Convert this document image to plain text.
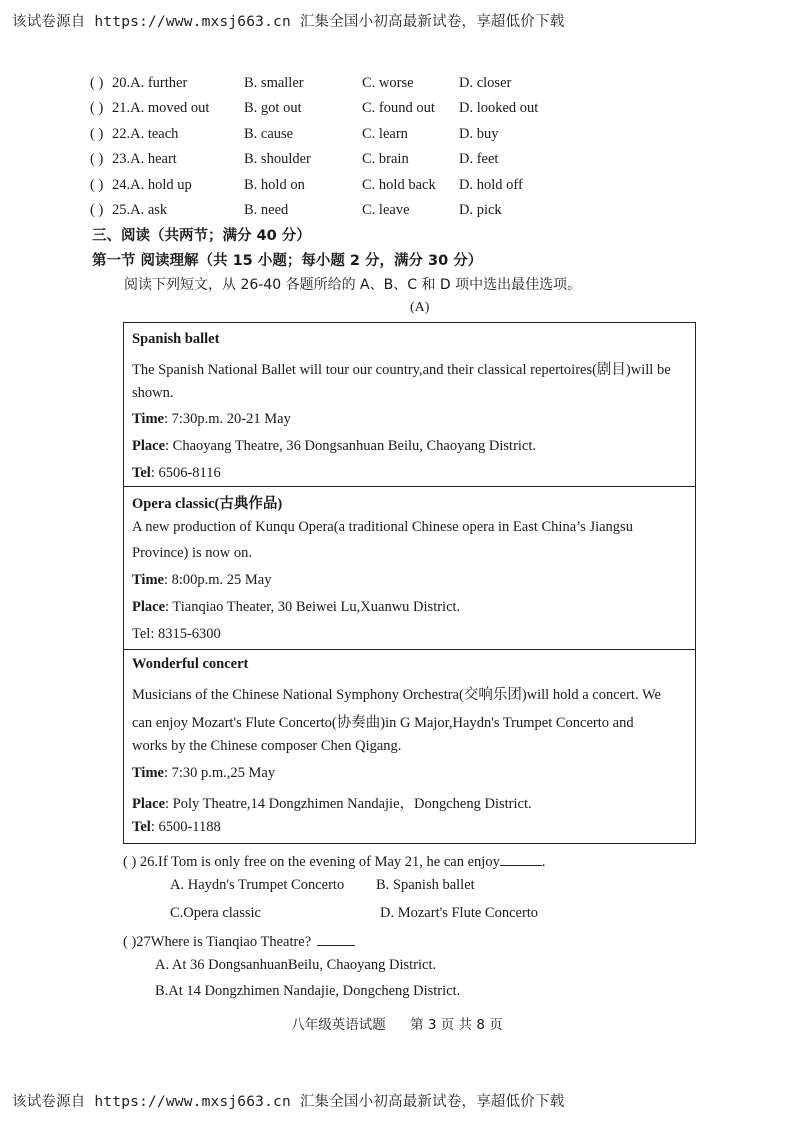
该试卷源自 https://www.mxsj663.cn 汇集全国小初高最新试卷，享超低价下载
( ) 20.A. further	B. smaller	C. worse	D. closer
( ) 21.A. moved out B. got out	C. found out D. looked out
( ) 22.A. teach	B. cause	C. learn	D. buy
( ) 23.A. heart	B. shoulder	C. brain	D. feet
( ) 24.A. hold up	B. hold on	C. hold back D. hold off
( ) 25.A. ask	B. need	C. leave	D. pick
三、阅读（共两节；满分 40 分）
第一节 阅读理解（共 15 小题；每小题 2 分，满分 30 分）
阅读下列短文，从 26-40 各题所给的 A、B、C 和 D 项中选出最佳选项。
(A)
Spanish ballet
The Spanish National Ballet will tour our country,and their classical repertoires(剧目)will be
shown.
Time: 7:30p.m. 20-21 May
Place: Chaoyang Theatre, 36 Dongsanhuan Beilu, Chaoyang District.
Tel: 6506-8116
Opera classic(古典作品)
A new production of Kunqu Opera(a traditional Chinese opera in East China’s Jiangsu
Province) is now on.
Time: 8:00p.m. 25 May
Place: Tianqiao Theater, 30 Beiwei Lu,Xuanwu District.
Tel: 8315-6300
Wonderful concert
Musicians of the Chinese National Symphony Orchestra(交响乐团)will hold a concert. We
can enjoy Mozart's Flute Concerto(协奏曲)in G Major,Haydn's Trumpet Concerto and
works by the Chinese composer Chen Qigang.
Time: 7:30 p.m.,25 May
Place: Poly Theatre,14 Dongzhimen Nandajie，Dongcheng District.
Tel: 6500-1188
( ) 26.If Tom is only free on the evening of May 21, he can enjoy	.
A. Haydn's Trumpet Concerto B. Spanish ballet
C.Opera classic	D. Mozart's Flute Concerto
( )27Where is Tianqiao Theatre?
A. At 36 DongsanhuanBeilu, Chaoyang District.
B.At 14 Dongzhimen Nandajie, Dongcheng District.
八年级英语试题 第 3 页 共 8 页
该试卷源自 https://www.mxsj663.cn 汇集全国小初高最新试卷，享超低价下载
